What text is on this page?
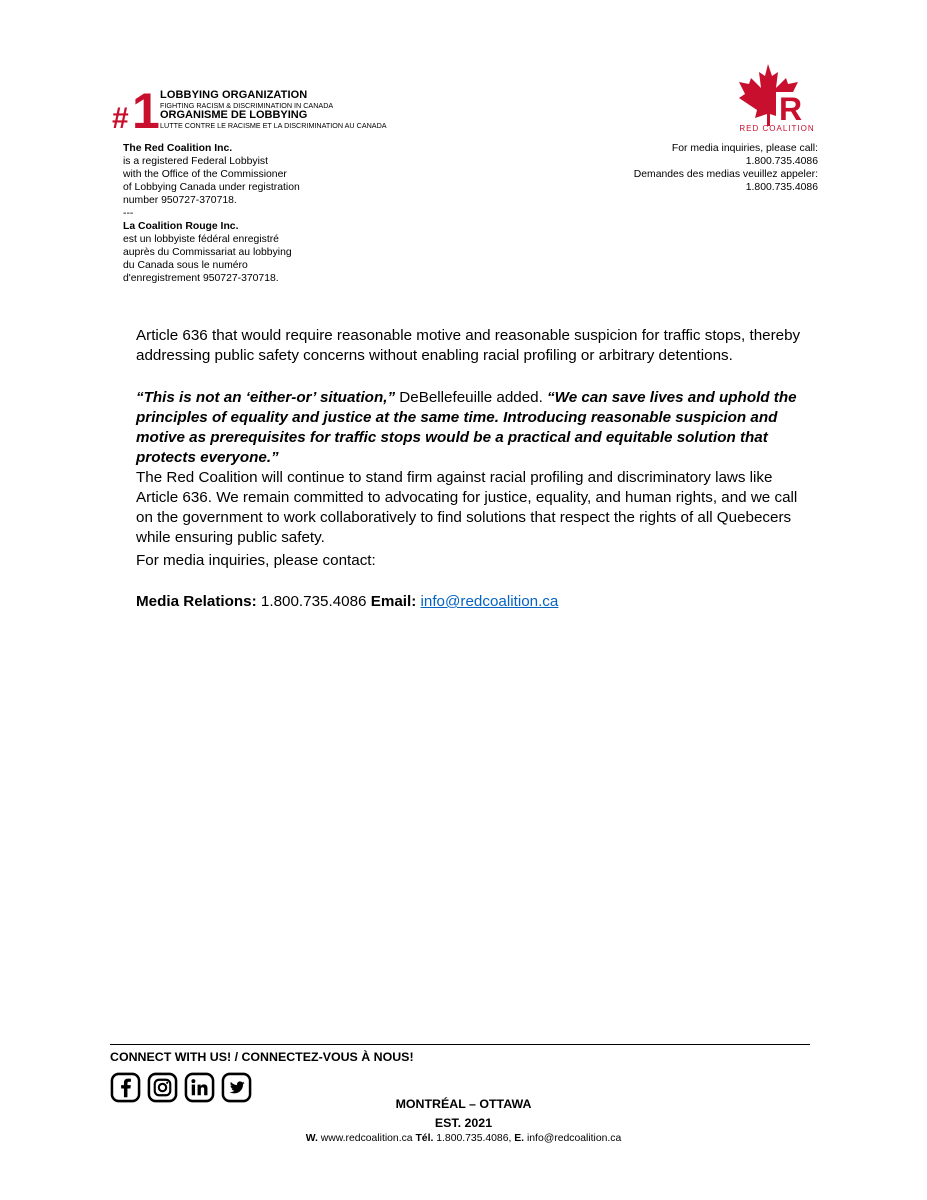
# 1 LOBBYING ORGANIZATION
FIGHTING RACISM & DISCRIMINATION IN CANADA
ORGANISME DE LOBBYING
LUTTE CONTRE LE RACISME ET LA DISCRIMINATION AU CANADA
The Red Coalition Inc.
is a registered Federal Lobbyist
with the Office of the Commissioner
of Lobbying Canada under registration
number 950727-370718.
---
La Coalition Rouge Inc.
est un lobbyiste fédéral enregistré
auprès du Commissariat au lobbying
du Canada sous le numéro
d'enregistrement 950727-370718.
R
RED COALITION
For media inquiries, please call:
1.800.735.4086
Demandes des medias veuillez appeler:
1.800.735.4086
Article 636 that would require reasonable motive and reasonable suspicion for traffic stops, thereby addressing public safety concerns without enabling racial profiling or arbitrary detentions.
“This is not an ‘either-or’ situation,” DeBellefeuille added. “We can save lives and uphold the principles of equality and justice at the same time. Introducing reasonable suspicion and motive as prerequisites for traffic stops would be a practical and equitable solution that protects everyone.”
The Red Coalition will continue to stand firm against racial profiling and discriminatory laws like Article 636. We remain committed to advocating for justice, equality, and human rights, and we call on the government to work collaboratively to find solutions that respect the rights of all Quebecers while ensuring public safety.
For media inquiries, please contact:
Media Relations: 1.800.735.4086 Email: info@redcoalition.ca
CONNECT WITH US! / CONNECTEZ-VOUS À NOUS!
MONTRÉAL – OTTAWA
EST. 2021
W. www.redcoalition.ca Tél. 1.800.735.4086, E. info@redcoalition.ca
